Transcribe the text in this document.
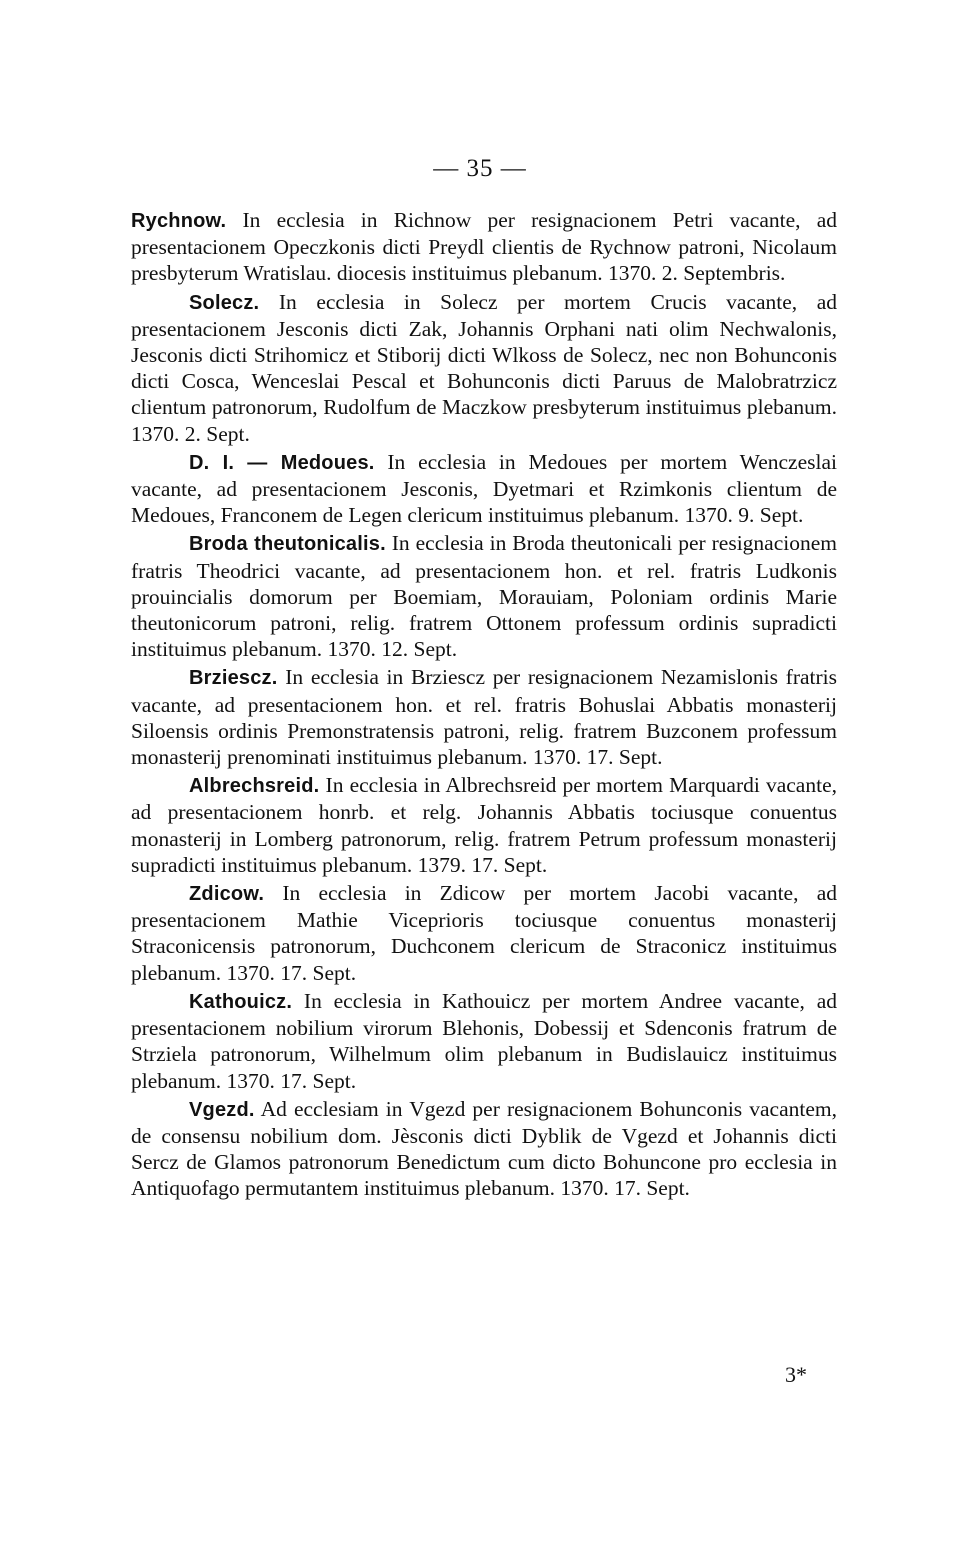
— 35 —

Rychnow. In ecclesia in Richnow per resignacionem Petri vacante, ad presentacionem Opeczkonis dicti Preydl clientis de Rychnow patroni, Nicolaum presbyterum Wratislau. diocesis instituimus plebanum. 1370. 2. Septembris.

Solecz. In ecclesia in Solecz per mortem Crucis vacante, ad presentacionem Jesconis dicti Zak, Johannis Orphani nati olim Nechwalonis, Jesconis dicti Strihomicz et Stiborij dicti Wlkoss de Solecz, nec non Bohunconis dicti Cosca, Wenceslai Pescal et Bohunconis dicti Paruus de Malobratrzicz clientum patronorum, Rudolfum de Maczkow presbyterum instituimus plebanum. 1370. 2. Sept.

D. I. — Medoues. In ecclesia in Medoues per mortem Wenczeslai vacante, ad presentacionem Jesconis, Dyetmari et Rzimkonis clientum de Medoues, Franconem de Legen clericum instituimus plebanum. 1370. 9. Sept.

Broda theutonicalis. In ecclesia in Broda theutonicali per resignacionem fratris Theodrici vacante, ad presentacionem hon. et rel. fratris Ludkonis prouincialis domorum per Boemiam, Morauiam, Poloniam ordinis Marie theutonicorum patroni, relig. fratrem Ottonem professum ordinis supradicti instituimus plebanum. 1370. 12. Sept.

Brziescz. In ecclesia in Brziescz per resignacionem Nezamislonis fratris vacante, ad presentacionem hon. et rel. fratris Bohuslai Abbatis monasterij Siloensis ordinis Premonstratensis patroni, relig. fratrem Buzconem professum monasterij prenominati instituimus plebanum. 1370. 17. Sept.

Albrechsreid. In ecclesia in Albrechsreid per mortem Marquardi vacante, ad presentacionem honrb. et relg. Johannis Abbatis tociusque conuentus monasterij in Lomberg patronorum, relig. fratrem Petrum professum monasterij supradicti instituimus plebanum. 1379. 17. Sept.

Zdicow. In ecclesia in Zdicow per mortem Jacobi vacante, ad presentacionem Mathie Viceprioris tociusque conuentus monasterij Straconicensis patronorum, Duchconem clericum de Straconicz instituimus plebanum. 1370. 17. Sept.

Kathouicz. In ecclesia in Kathouicz per mortem Andree vacante, ad presentacionem nobilium virorum Blehonis, Dobessij et Sdenconis fratrum de Strziela patronorum, Wilhelmum olim plebanum in Budislauicz instituimus plebanum. 1370. 17. Sept.

Vgezd. Ad ecclesiam in Vgezd per resignacionem Bohunconis vacantem, de consensu nobilium dom. Jèsconis dicti Dyblik de Vgezd et Johannis dicti Sercz de Glamos patronorum Benedictum cum dicto Bohuncone pro ecclesia in Antiquofago permutantem instituimus plebanum. 1370. 17. Sept.

3*
